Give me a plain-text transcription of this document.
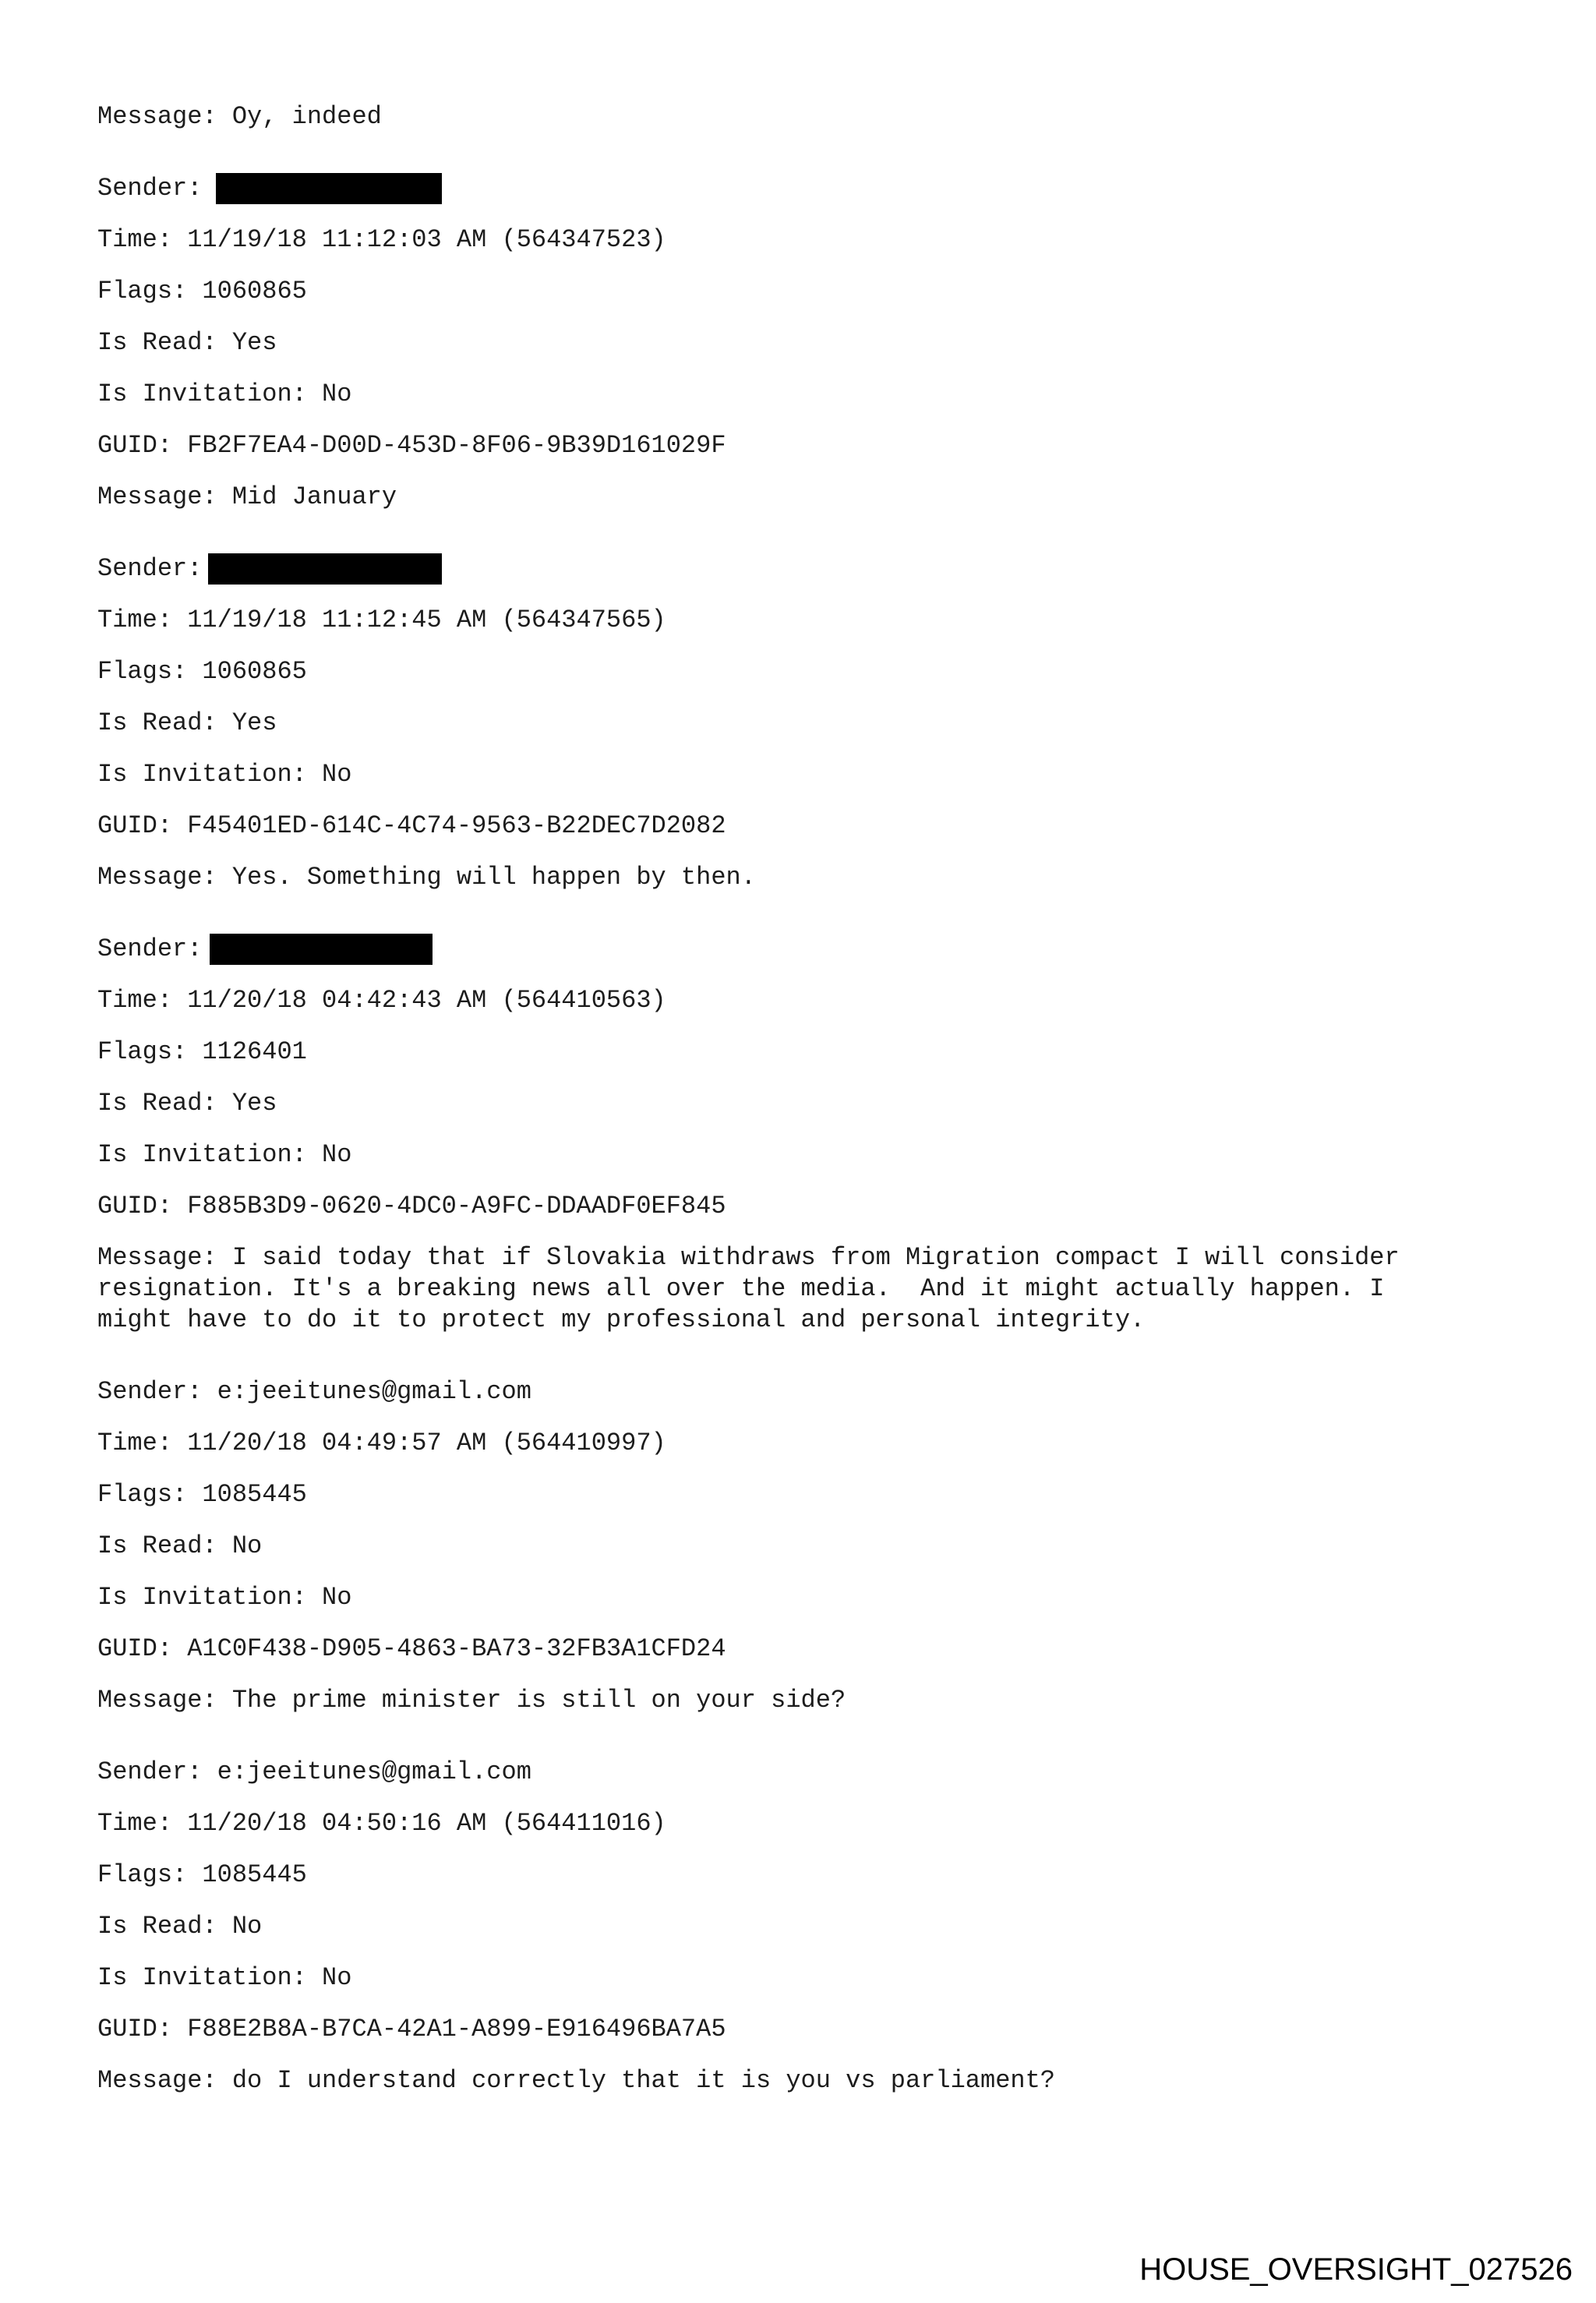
Message: Oy, indeed
Sender:
Time: 11/19/18 11:12:03 AM (564347523)
Flags: 1060865
Is Read: Yes
Is Invitation: No
GUID: FB2F7EA4-D00D-453D-8F06-9B39D161029F
Message: Mid January
Sender:
Time: 11/19/18 11:12:45 AM (564347565)
Flags: 1060865
Is Read: Yes
Is Invitation: No
GUID: F45401ED-614C-4C74-9563-B22DEC7D2082
Message: Yes. Something will happen by then.
Sender:
Time: 11/20/18 04:42:43 AM (564410563)
Flags: 1126401
Is Read: Yes
Is Invitation: No
GUID: F885B3D9-0620-4DC0-A9FC-DDAADF0EF845
Message: I said today that if Slovakia withdraws from Migration compact I will consider
resignation. It's a breaking news all over the media.  And it might actually happen. I
might have to do it to protect my professional and personal integrity.
Sender: e:jeeitunes@gmail.com
Time: 11/20/18 04:49:57 AM (564410997)
Flags: 1085445
Is Read: No
Is Invitation: No
GUID: A1C0F438-D905-4863-BA73-32FB3A1CFD24
Message: The prime minister is still on your side?
Sender: e:jeeitunes@gmail.com
Time: 11/20/18 04:50:16 AM (564411016)
Flags: 1085445
Is Read: No
Is Invitation: No
GUID: F88E2B8A-B7CA-42A1-A899-E916496BA7A5
Message: do I understand correctly that it is you vs parliament?
HOUSE_OVERSIGHT_027526
